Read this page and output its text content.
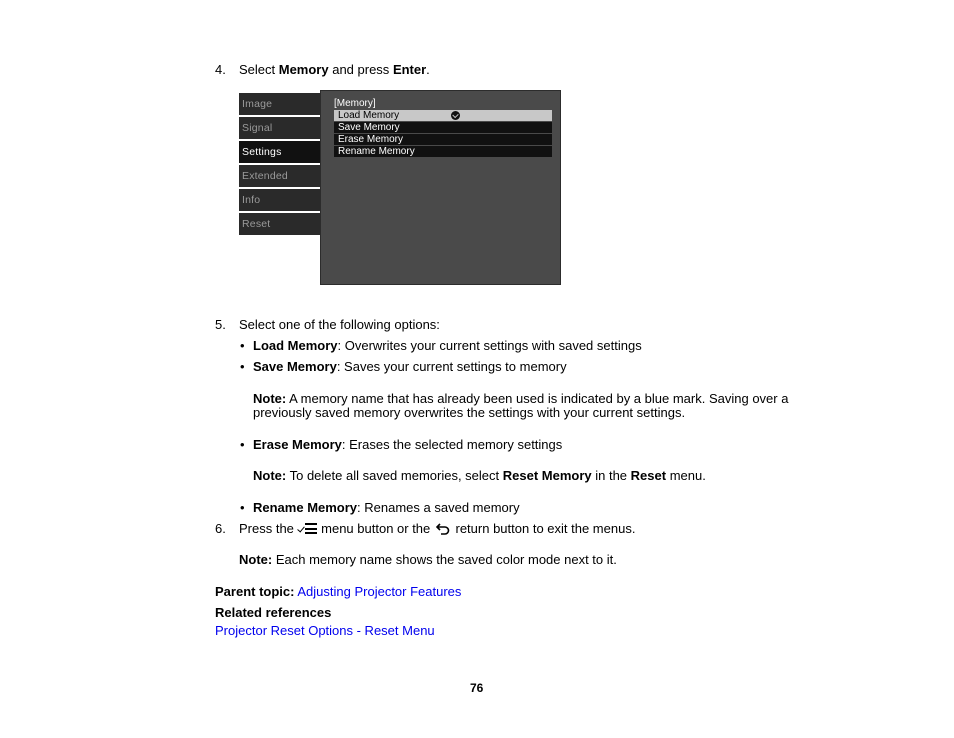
4. Select Memory and press Enter.
Image
Signal
Settings
Extended
Info
Reset
[Memory]
Load Memory
Save Memory
Erase Memory
Rename Memory
5. Select one of the following options:
• Load Memory: Overwrites your current settings with saved settings
• Save Memory: Saves your current settings to memory
Note: A memory name that has already been used is indicated by a blue mark. Saving over a
previously saved memory overwrites the settings with your current settings.
• Erase Memory: Erases the selected memory settings
Note: To delete all saved memories, select Reset Memory in the Reset menu.
• Rename Memory: Renames a saved memory
6. Press the
menu button or the
return button to exit the menus.
Note: Each memory name shows the saved color mode next to it.
Parent topic: Adjusting Projector Features
Related references
Projector Reset Options - Reset Menu
76
